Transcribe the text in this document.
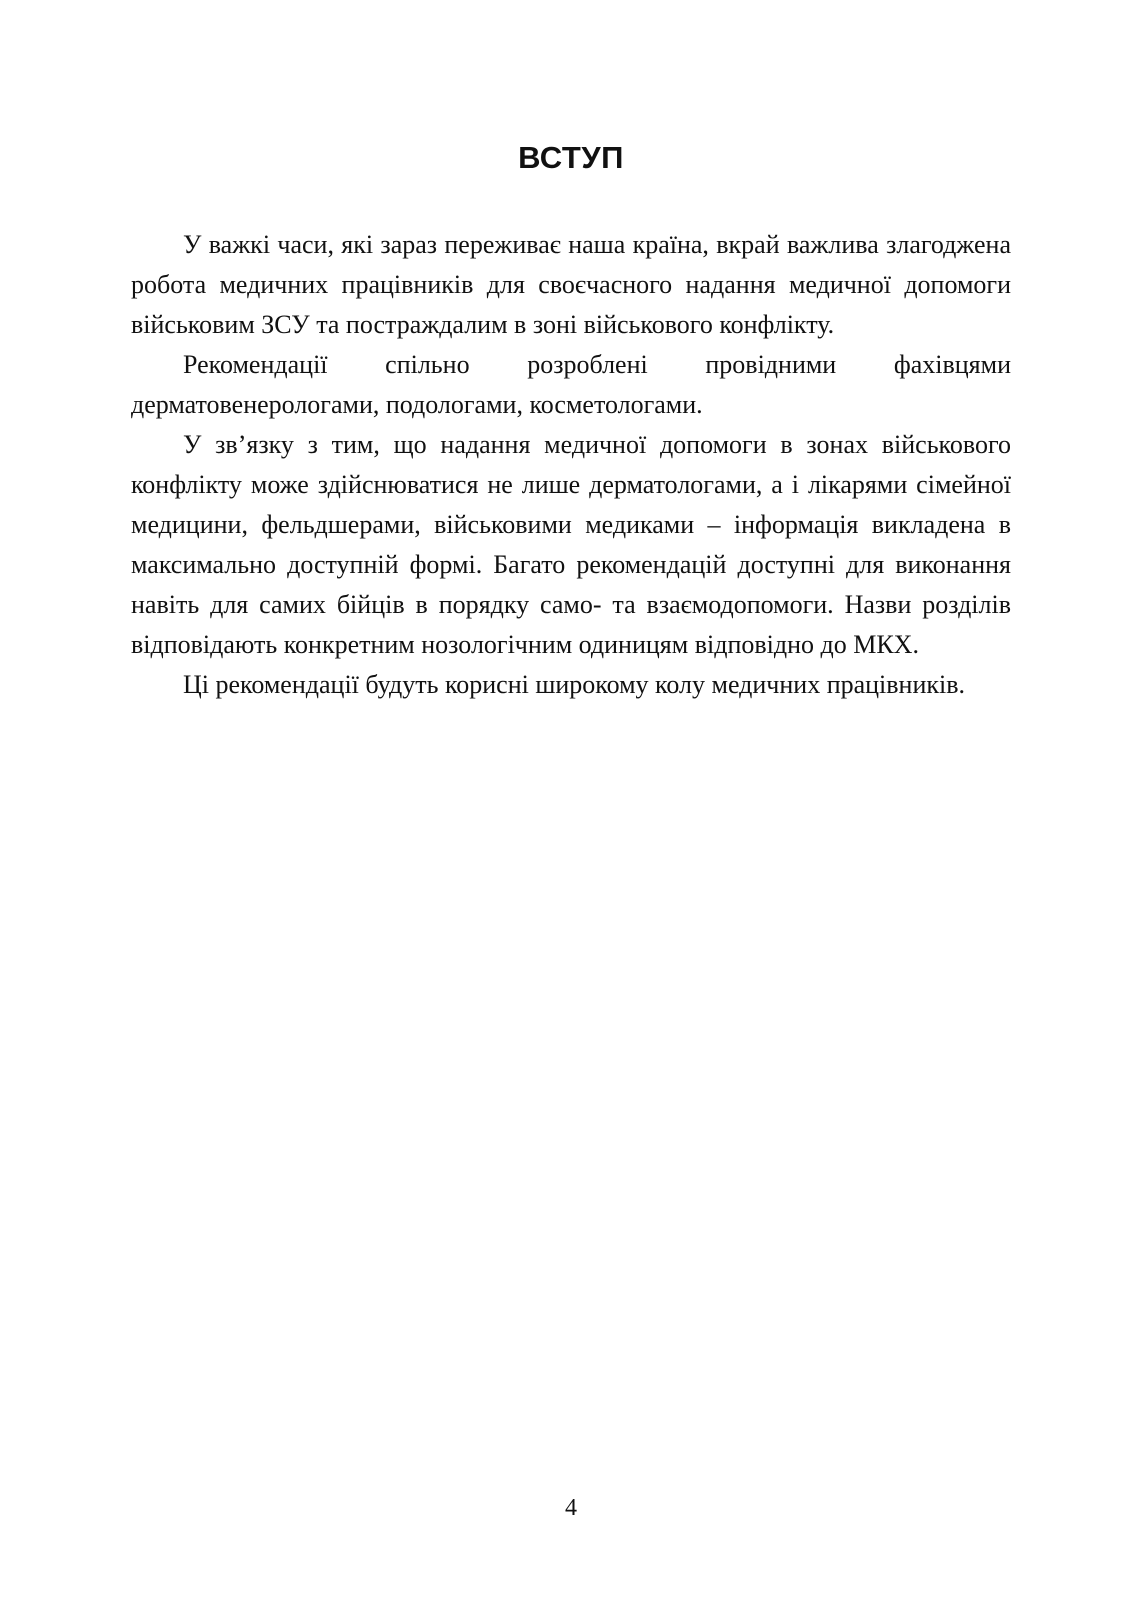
ВСТУП

У важкі часи, які зараз переживає наша країна, вкрай важлива злагоджена робота медичних працівників для своєчасного надання медичної допомоги військовим ЗСУ та постраждалим в зоні військового конфлікту.

Рекомендації спільно розроблені провідними фахівцями дерматовенерологами, подологами, косметологами.

У зв’язку з тим, що надання медичної допомоги в зонах військового конфлікту може здійснюватися не лише дерматологами, а і лікарями сімейної медицини, фельдшерами, військовими медиками – інформація викладена в максимально доступній формі. Багато рекомендацій доступні для виконання навіть для самих бійців в порядку само- та взаємодопомоги. Назви розділів відповідають конкретним нозологічним одиницям відповідно до МКХ.

Ці рекомендації будуть корисні широкому колу медичних працівників.

4
